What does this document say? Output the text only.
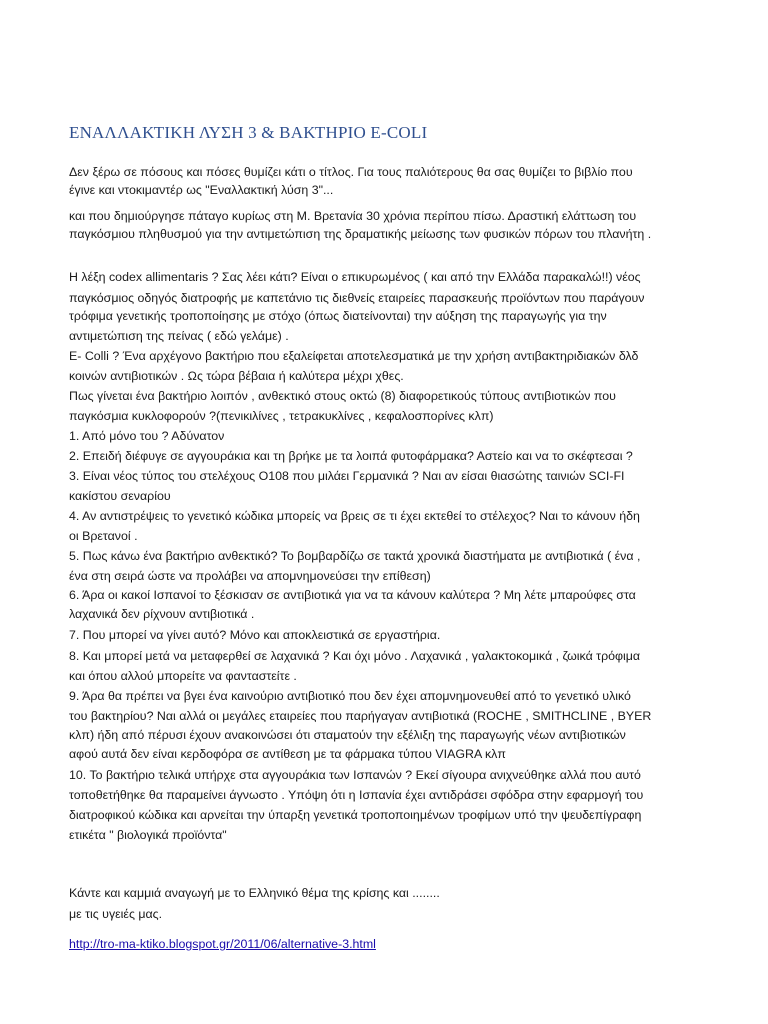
ΕΝΑΛΛΑΚΤΙΚΗ ΛΥΣΗ 3 & ΒΑΚΤΗΡΙΟ E-COLI
Δεν ξέρω σε πόσους και πόσες θυμίζει κάτι ο τίτλος. Για τους παλιότερους θα σας θυμίζει το βιβλίο που
έγινε και ντοκιμαντέρ ως "Εναλλακτική λύση 3"...
και που δημιούργησε πάταγο κυρίως στη Μ. Βρετανία 30 χρόνια περίπου πίσω. Δραστική ελάττωση του
παγκόσμιου πληθυσμού για την αντιμετώπιση της δραματικής μείωσης των φυσικών πόρων του πλανήτη .
Η λέξη codex allimentaris ? Σας λέει κάτι? Είναι ο επικυρωμένος ( και από την Ελλάδα παρακαλώ!!) νέος
παγκόσμιος οδηγός διατροφής με καπετάνιο τις διεθνείς εταιρείες παρασκευής προϊόντων που παράγουν
τρόφιμα γενετικής τροποποίησης με στόχο (όπως διατείνονται) την αύξηση της παραγωγής για την
αντιμετώπιση της πείνας ( εδώ γελάμε) .
E- Colli ? Ένα αρχέγονο βακτήριο που εξαλείφεται αποτελεσματικά με την χρήση αντιβακτηριδιακών δλδ
κοινών αντιβιοτικών . Ως τώρα βέβαια ή καλύτερα μέχρι χθες.
Πως γίνεται ένα βακτήριο λοιπόν , ανθεκτικό στους οκτώ (8) διαφορετικούς τύπους αντιβιοτικών που
παγκόσμια κυκλοφορούν ?(πενικιλίνες , τετρακυκλίνες , κεφαλοσπορίνες κλπ)
1. Από μόνο του ? Αδύνατον
2. Επειδή διέφυγε σε αγγουράκια και τη βρήκε με τα λοιπά φυτοφάρμακα? Αστείο και να το σκέφτεσαι ?
3. Είναι νέος τύπος του στελέχους O108 που μιλάει Γερμανικά ? Ναι αν είσαι θιασώτης ταινιών SCI-FI
κακίστου σεναρίου
4. Αν αντιστρέψεις το γενετικό κώδικα μπορείς να βρεις σε τι έχει εκτεθεί το στέλεχος? Ναι το κάνουν ήδη
οι Βρετανοί .
5. Πως κάνω ένα βακτήριο ανθεκτικό? Το βομβαρδίζω σε τακτά χρονικά διαστήματα με αντιβιοτικά ( ένα ,
ένα στη σειρά ώστε να προλάβει να απομνημονεύσει την επίθεση)
6. Άρα οι κακοί Ισπανοί το ξέσκισαν σε αντιβιοτικά για να τα κάνουν καλύτερα ? Μη λέτε μπαρούφες στα
λαχανικά δεν ρίχνουν αντιβιοτικά .
7. Που μπορεί να γίνει αυτό? Μόνο και αποκλειστικά σε εργαστήρια.
8. Και μπορεί μετά να μεταφερθεί σε λαχανικά ? Και όχι μόνο . Λαχανικά , γαλακτοκομικά , ζωικά τρόφιμα
και όπου αλλού μπορείτε να φανταστείτε .
9. Άρα θα πρέπει να βγει ένα καινούριο αντιβιοτικό που δεν έχει απομνημονευθεί από το γενετικό υλικό
του βακτηρίου? Ναι αλλά οι μεγάλες εταιρείες που παρήγαγαν αντιβιοτικά (ROCHE , SMITHCLINE , BYER
κλπ) ήδη από πέρυσι έχουν ανακοινώσει ότι σταματούν την εξέλιξη της παραγωγής νέων αντιβιοτικών
αφού αυτά δεν είναι κερδοφόρα σε αντίθεση με τα φάρμακα τύπου VIAGRA κλπ
10. Το βακτήριο τελικά υπήρχε στα αγγουράκια των Ισπανών ? Εκεί σίγουρα ανιχνεύθηκε αλλά που αυτό
τοποθετήθηκε θα παραμείνει άγνωστο . Υπόψη ότι η Ισπανία έχει αντιδράσει σφόδρα στην εφαρμογή του
διατροφικού κώδικα και αρνείται την ύπαρξη γενετικά τροποποιημένων τροφίμων υπό την ψευδεπίγραφη
ετικέτα " βιολογικά προϊόντα"
Κάντε και καμμιά αναγωγή με το Ελληνικό θέμα της κρίσης και ........
με τις υγειές μας.
http://tro-ma-ktiko.blogspot.gr/2011/06/alternative-3.html
